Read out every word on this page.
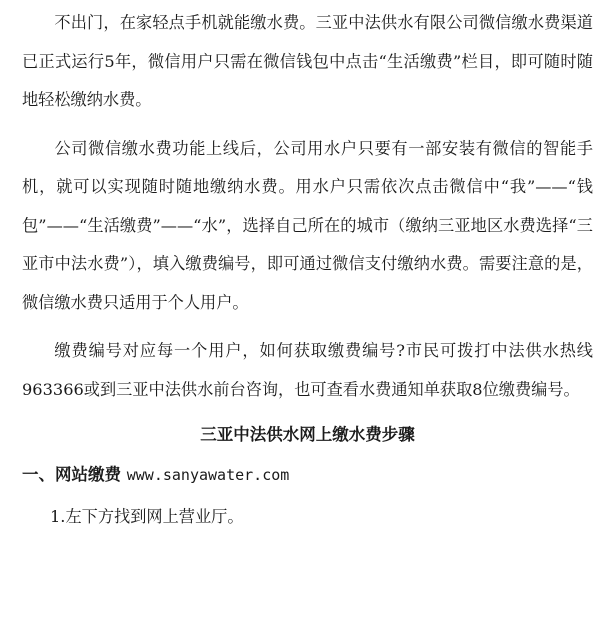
不出门，在家轻点手机就能缴水费。三亚中法供水有限公司微信缴水费渠道已正式运行5年，微信用户只需在微信钱包中点击“生活缴费”栏目，即可随时随地轻松缴纳水费。

公司微信缴水费功能上线后，公司用水户只要有一部安装有微信的智能手机，就可以实现随时随地缴纳水费。用水户只需依次点击微信中“我”——“钱包”——“生活缴费”——“水”，选择自己所在的城市（缴纳三亚地区水费选择“三亚市中法水费”），填入缴费编号，即可通过微信支付缴纳水费。需要注意的是，微信缴水费只适用于个人用户。

缴费编号对应每一个用户，如何获取缴费编号?市民可拨打中法供水热线963366或到三亚中法供水前台咨询，也可查看水费通知单获取8位缴费编号。

三亚中法供水网上缴水费步骤
一、网站缴费 www.sanyawater.com
1.左下方找到网上营业厅。
